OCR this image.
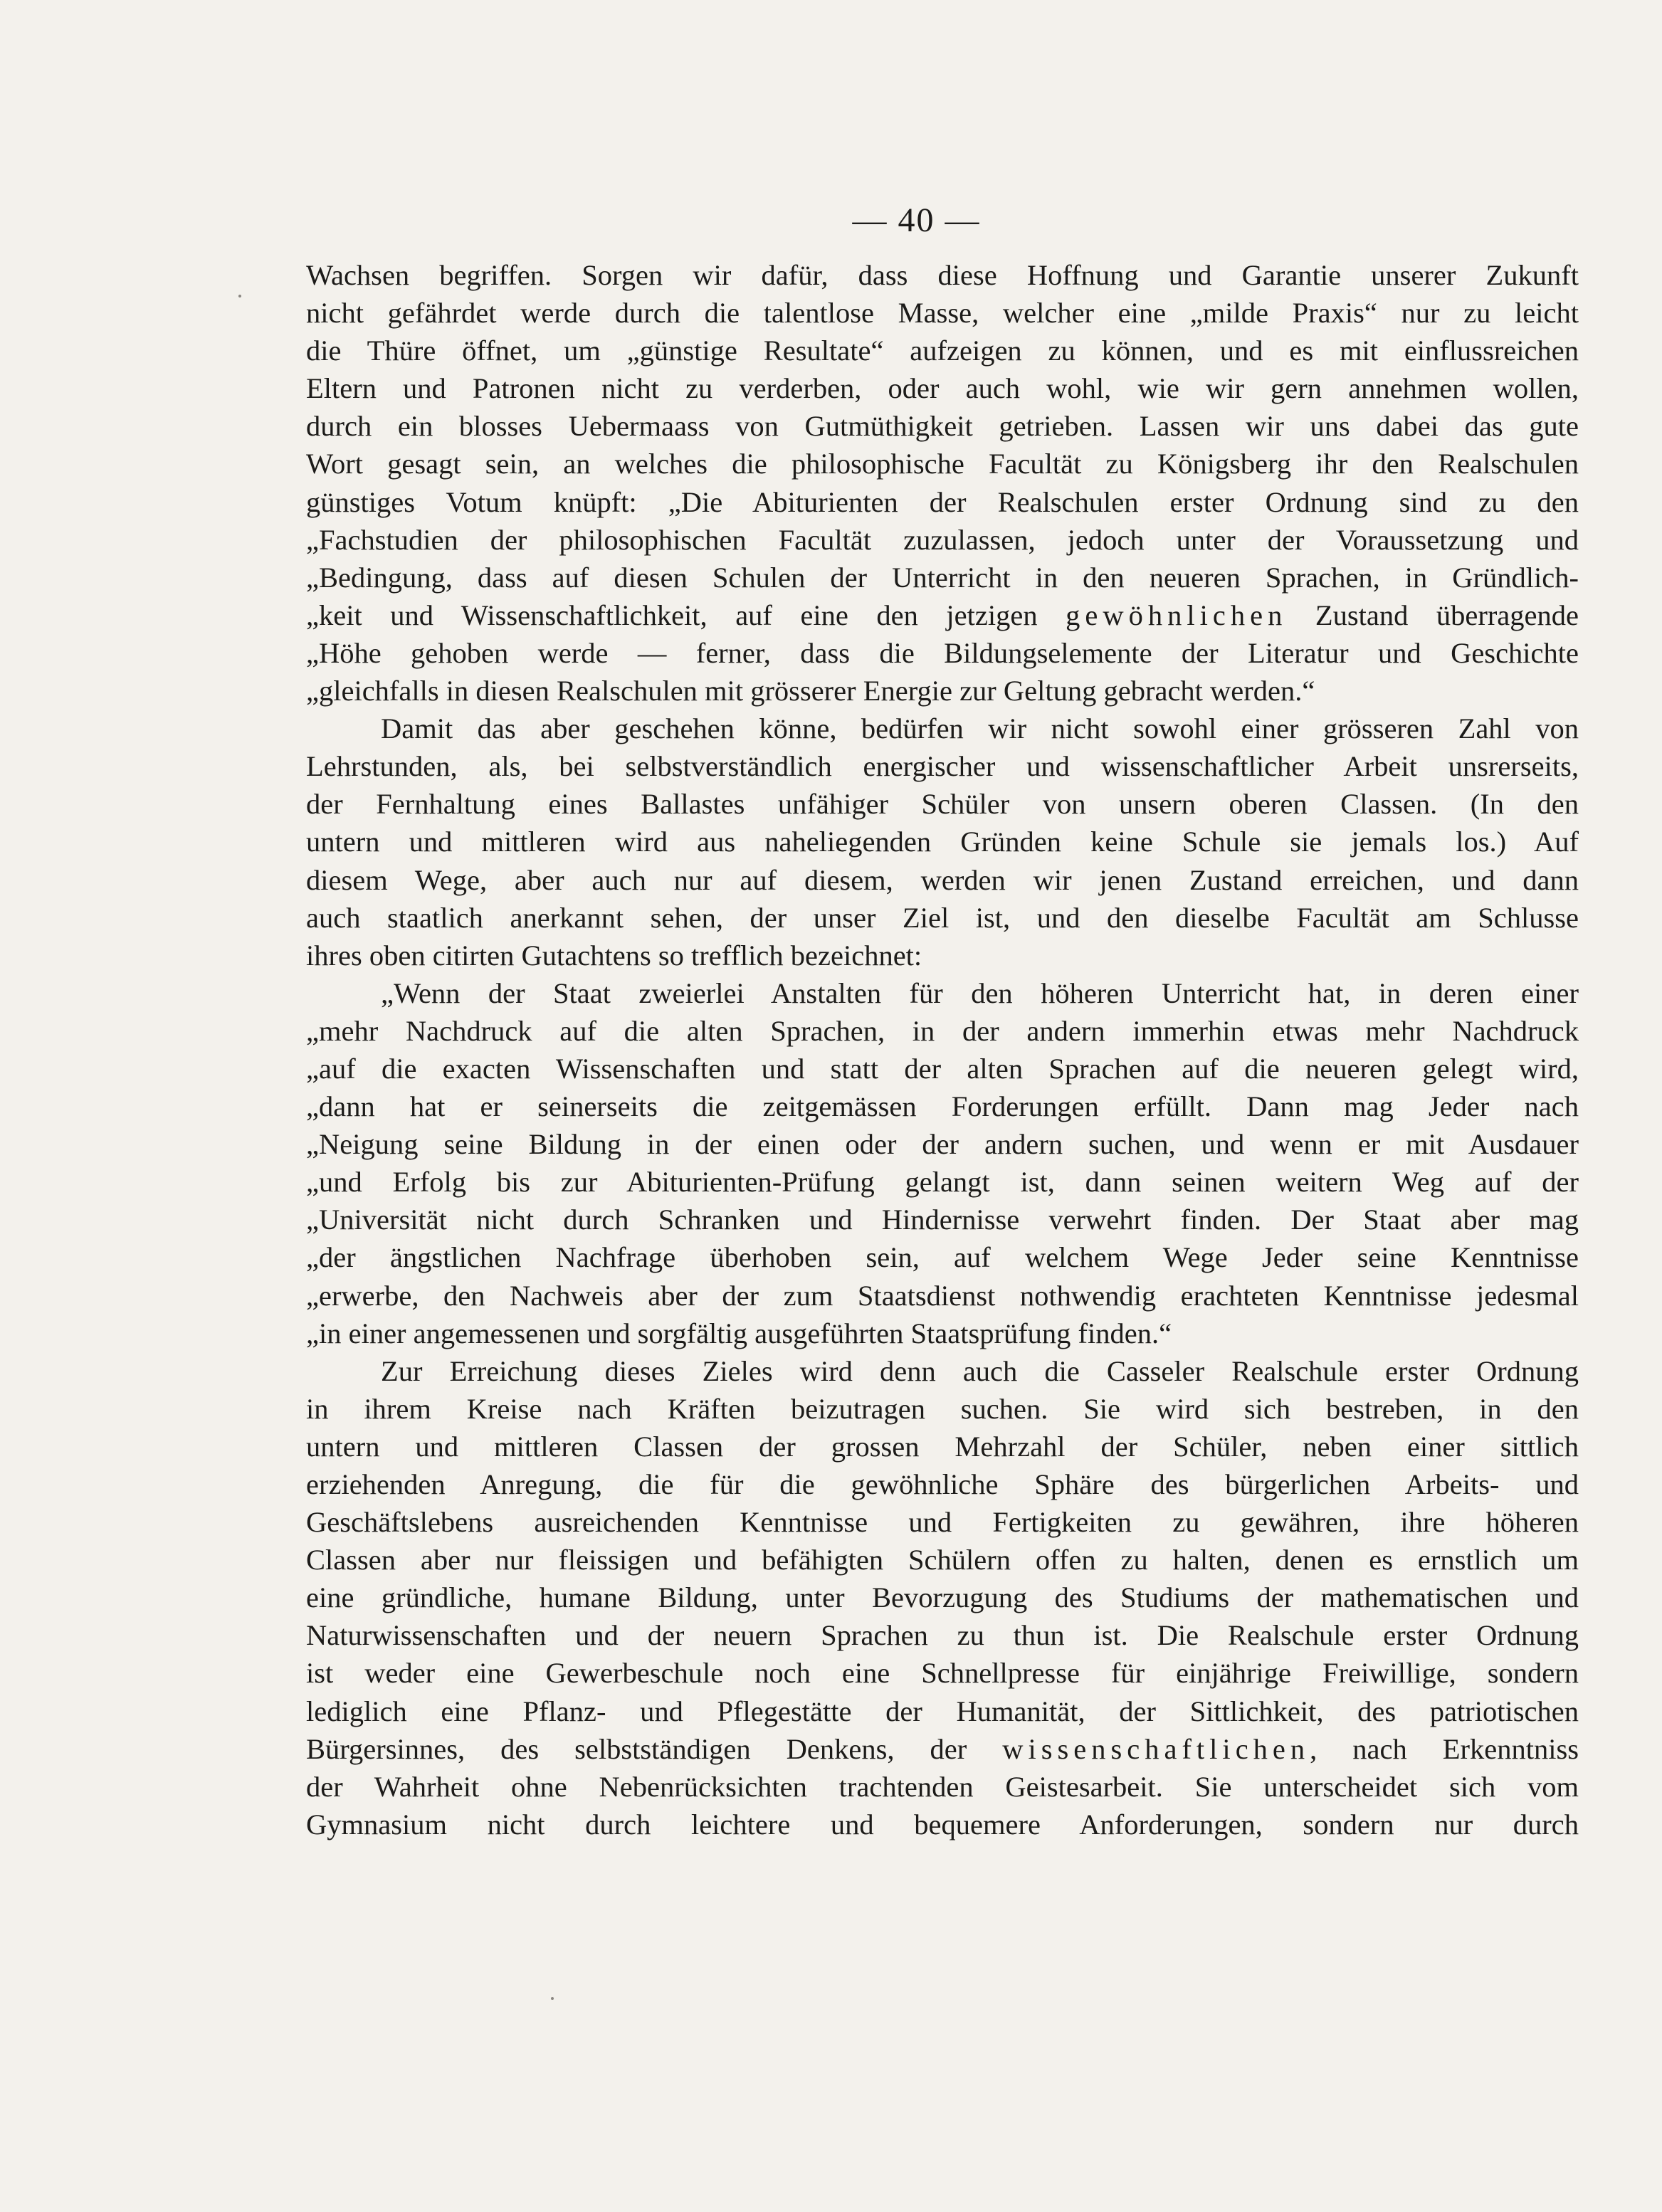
— 40 —
Wachsen begriffen. Sorgen wir dafür, dass diese Hoffnung und Garantie unserer Zukunft
nicht gefährdet werde durch die talentlose Masse, welcher eine „milde Praxis“ nur zu leicht
die Thüre öffnet, um „günstige Resultate“ aufzeigen zu können, und es mit einflussreichen
Eltern und Patronen nicht zu verderben, oder auch wohl, wie wir gern annehmen wollen,
durch ein blosses Uebermaass von Gutmüthigkeit getrieben. Lassen wir uns dabei das gute
Wort gesagt sein, an welches die philosophische Facultät zu Königsberg ihr den Realschulen
günstiges Votum knüpft: „Die Abiturienten der Realschulen erster Ordnung sind zu den
„Fachstudien der philosophischen Facultät zuzulassen, jedoch unter der Voraussetzung und
„Bedingung, dass auf diesen Schulen der Unterricht in den neueren Sprachen, in Gründlich-
„keit und Wissenschaftlichkeit, auf eine den jetzigen gewöhnlichen Zustand überragende
„Höhe gehoben werde — ferner, dass die Bildungselemente der Literatur und Geschichte
„gleichfalls in diesen Realschulen mit grösserer Energie zur Geltung gebracht werden.“
Damit das aber geschehen könne, bedürfen wir nicht sowohl einer grösseren Zahl von
Lehrstunden, als, bei selbstverständlich energischer und wissenschaftlicher Arbeit unsrerseits,
der Fernhaltung eines Ballastes unfähiger Schüler von unsern oberen Classen. (In den
untern und mittleren wird aus naheliegenden Gründen keine Schule sie jemals los.) Auf
diesem Wege, aber auch nur auf diesem, werden wir jenen Zustand erreichen, und dann
auch staatlich anerkannt sehen, der unser Ziel ist, und den dieselbe Facultät am Schlusse
ihres oben citirten Gutachtens so trefflich bezeichnet:
„Wenn der Staat zweierlei Anstalten für den höheren Unterricht hat, in deren einer
„mehr Nachdruck auf die alten Sprachen, in der andern immerhin etwas mehr Nachdruck
„auf die exacten Wissenschaften und statt der alten Sprachen auf die neueren gelegt wird,
„dann hat er seinerseits die zeitgemässen Forderungen erfüllt. Dann mag Jeder nach
„Neigung seine Bildung in der einen oder der andern suchen, und wenn er mit Ausdauer
„und Erfolg bis zur Abiturienten-Prüfung gelangt ist, dann seinen weitern Weg auf der
„Universität nicht durch Schranken und Hindernisse verwehrt finden. Der Staat aber mag
„der ängstlichen Nachfrage überhoben sein, auf welchem Wege Jeder seine Kenntnisse
„erwerbe, den Nachweis aber der zum Staatsdienst nothwendig erachteten Kenntnisse jedesmal
„in einer angemessenen und sorgfältig ausgeführten Staatsprüfung finden.“
Zur Erreichung dieses Zieles wird denn auch die Casseler Realschule erster Ordnung
in ihrem Kreise nach Kräften beizutragen suchen. Sie wird sich bestreben, in den
untern und mittleren Classen der grossen Mehrzahl der Schüler, neben einer sittlich
erziehenden Anregung, die für die gewöhnliche Sphäre des bürgerlichen Arbeits- und
Geschäftslebens ausreichenden Kenntnisse und Fertigkeiten zu gewähren, ihre höheren
Classen aber nur fleissigen und befähigten Schülern offen zu halten, denen es ernstlich um
eine gründliche, humane Bildung, unter Bevorzugung des Studiums der mathematischen und
Naturwissenschaften und der neuern Sprachen zu thun ist. Die Realschule erster Ordnung
ist weder eine Gewerbeschule noch eine Schnellpresse für einjährige Freiwillige, sondern
lediglich eine Pflanz- und Pflegestätte der Humanität, der Sittlichkeit, des patriotischen
Bürgersinnes, des selbstständigen Denkens, der wissenschaftlichen, nach Erkenntniss
der Wahrheit ohne Nebenrücksichten trachtenden Geistesarbeit. Sie unterscheidet sich vom
Gymnasium nicht durch leichtere und bequemere Anforderungen, sondern nur durch
